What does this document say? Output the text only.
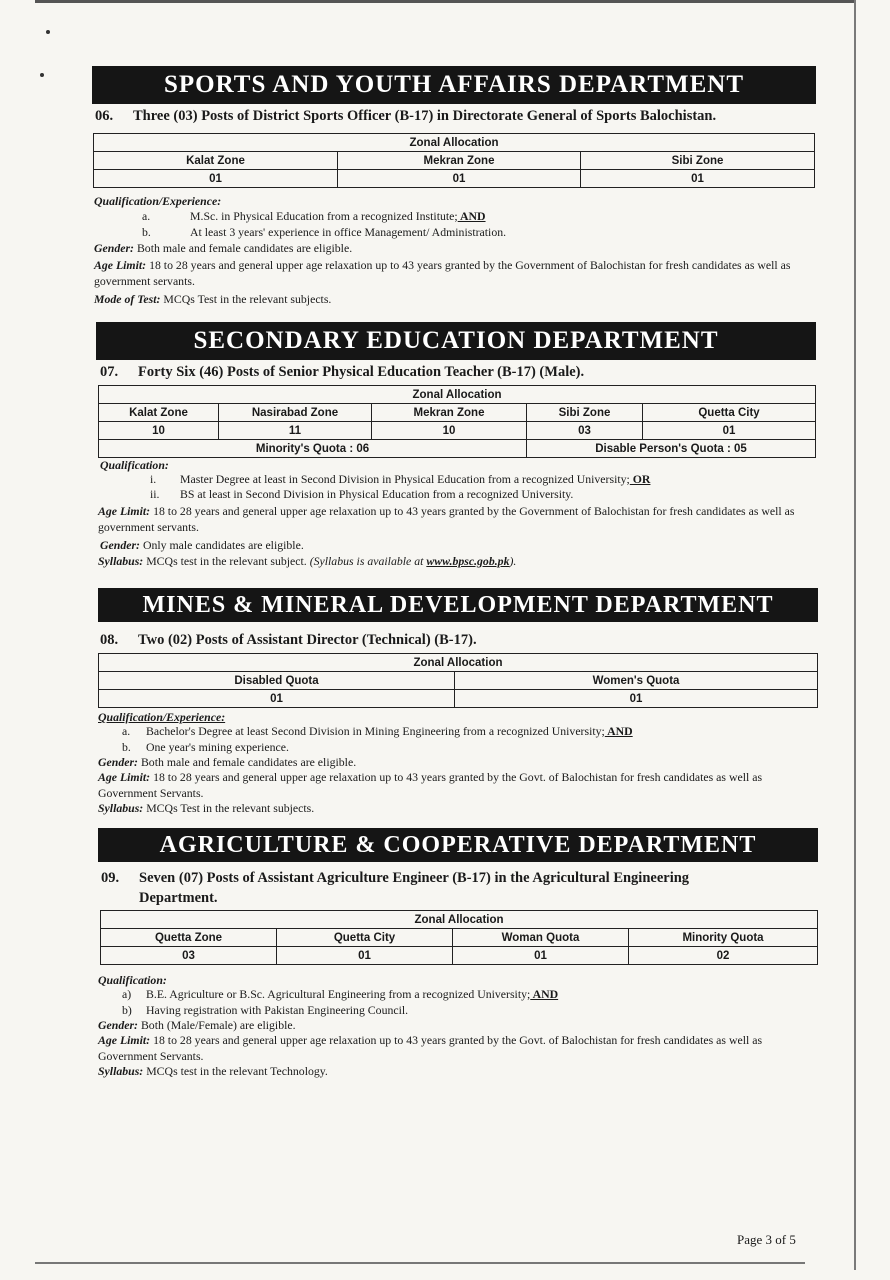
SPORTS AND YOUTH AFFAIRS DEPARTMENT
06. Three (03) Posts of District Sports Officer (B-17) in Directorate General of Sports Balochistan.
Zonal Allocation		
Kalat Zone	Mekran Zone	Sibi Zone
01	01	01
Qualification/Experience:
a.	M.Sc. in Physical Education from a recognized Institute; AND
b.	At least 3 years' experience in office Management/ Administration.
Gender: Both male and female candidates are eligible.
Age Limit: 18 to 28 years and general upper age relaxation up to 43 years granted by the Government of Balochistan for fresh candidates as well as government servants.
Mode of Test: MCQs Test in the relevant subjects.
SECONDARY EDUCATION DEPARTMENT
07. Forty Six (46) Posts of Senior Physical Education Teacher (B-17) (Male).
Zonal Allocation				
Kalat Zone	Nasirabad Zone	Mekran Zone	Sibi Zone	Quetta City
10	11	10	03	01
Minority's Quota : 06			Disable Person's Quota : 05	
Qualification:
i. Master Degree at least in Second Division in Physical Education from a recognized University; OR
ii. BS at least in Second Division in Physical Education from a recognized University.
Age Limit: 18 to 28 years and general upper age relaxation up to 43 years granted by the Government of Balochistan for fresh candidates as well as government servants.
Gender: Only male candidates are eligible.
Syllabus: MCQs test in the relevant subject. (Syllabus is available at www.bpsc.gob.pk).
MINES & MINERAL DEVELOPMENT DEPARTMENT
08. Two (02) Posts of Assistant Director (Technical) (B-17).
Zonal Allocation	
Disabled Quota	Women's Quota
01	01
Qualification/Experience:
a. Bachelor's Degree at least Second Division in Mining Engineering from a recognized University; AND
b. One year's mining experience.
Gender: Both male and female candidates are eligible.
Age Limit: 18 to 28 years and general upper age relaxation up to 43 years granted by the Govt. of Balochistan for fresh candidates as well as Government Servants.
Syllabus: MCQs Test in the relevant subjects.
AGRICULTURE & COOPERATIVE DEPARTMENT
09. Seven (07) Posts of Assistant Agriculture Engineer (B-17) in the Agricultural Engineering
Department.
Zonal Allocation			
Quetta Zone	Quetta City	Woman Quota	Minority Quota
03	01	01	02
Qualification:
a) B.E. Agriculture or B.Sc. Agricultural Engineering from a recognized University; AND
b) Having registration with Pakistan Engineering Council.
Gender: Both (Male/Female) are eligible.
Age Limit: 18 to 28 years and general upper age relaxation up to 43 years granted by the Govt. of Balochistan for fresh candidates as well as Government Servants.
Syllabus: MCQs test in the relevant Technology.
Page 3 of 5
